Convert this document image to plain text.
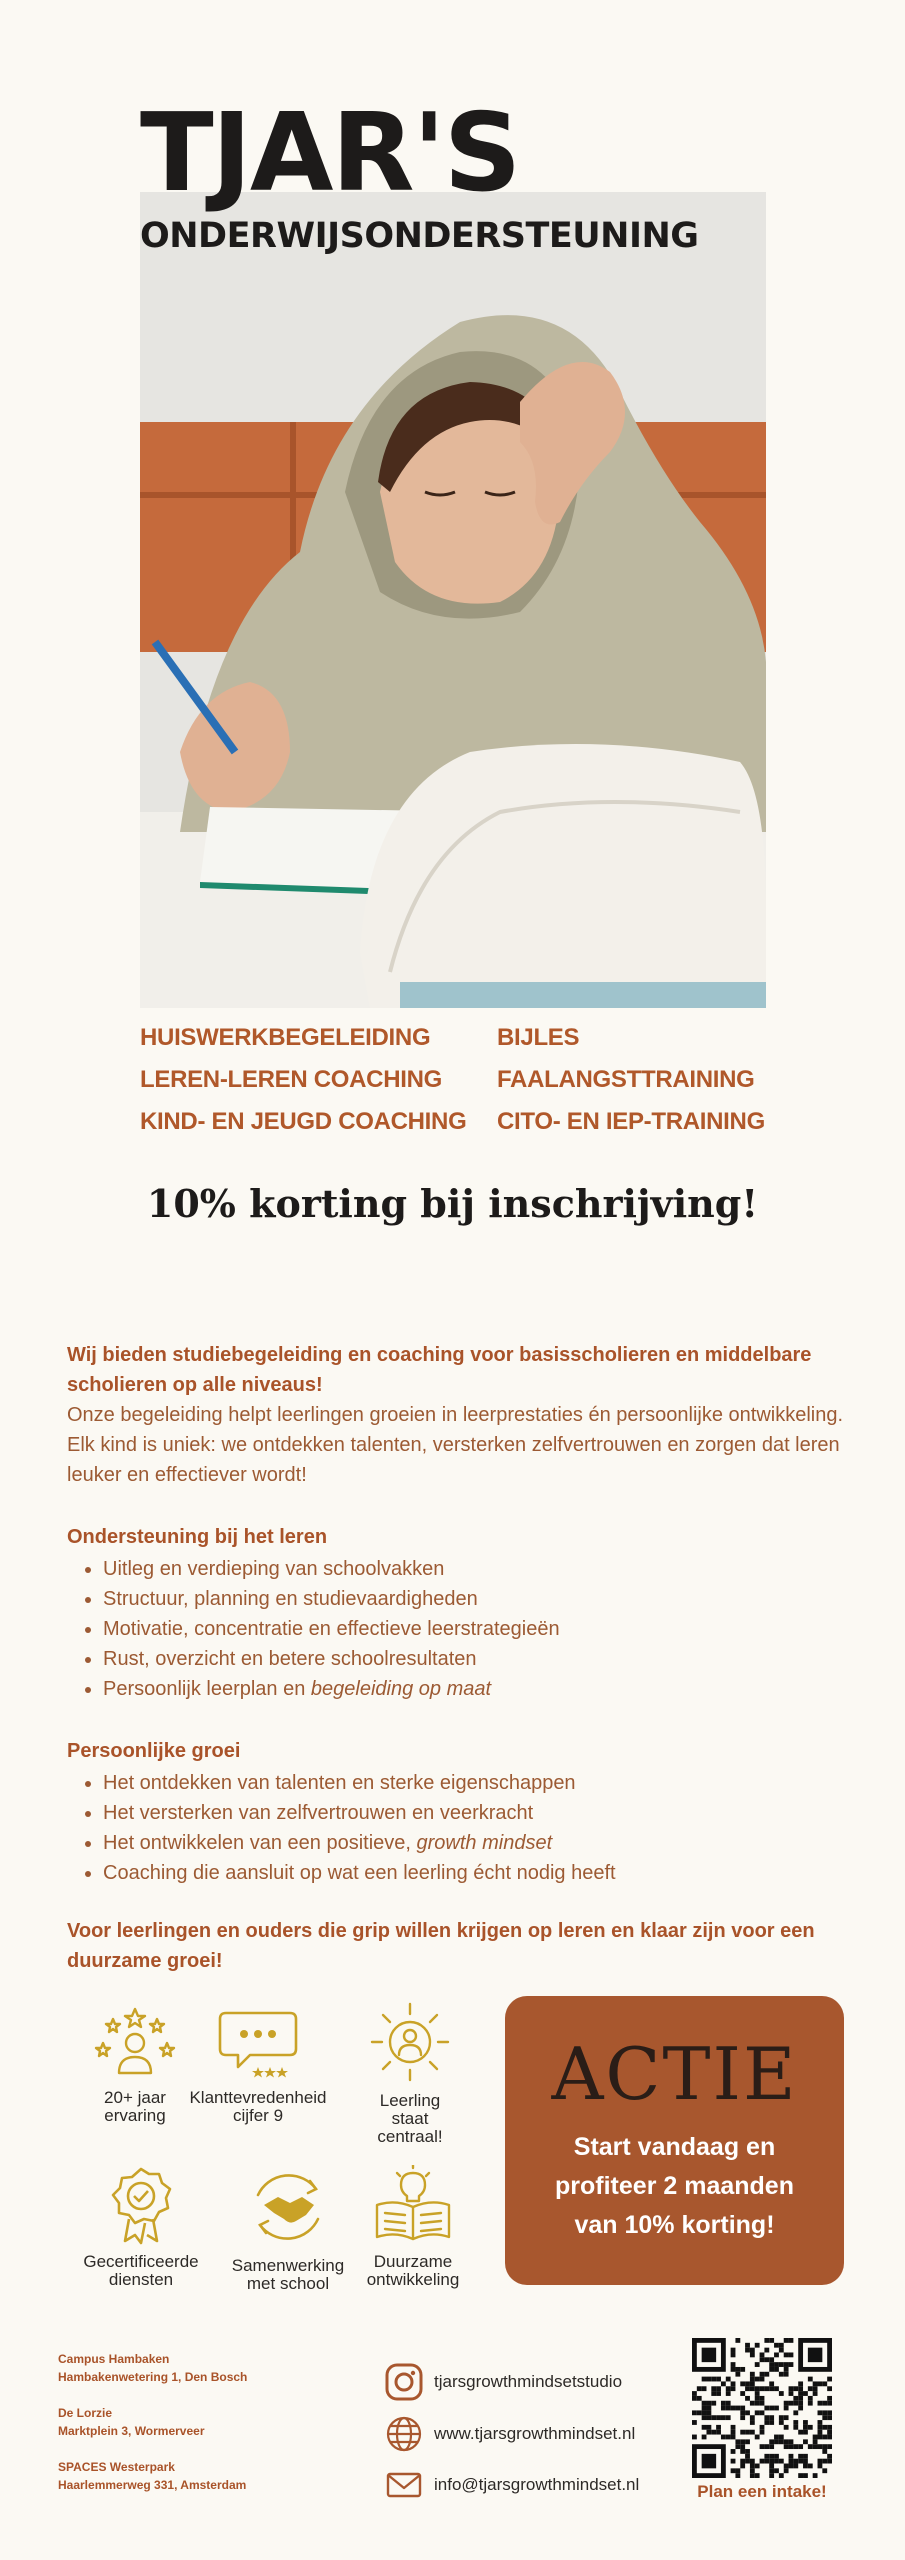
TJAR'S
ONDERWIJSONDERSTEUNING
HUISWERKBEGELEIDING
LEREN-LEREN COACHING
KIND- EN JEUGD COACHING
BIJLES
FAALANGSTTRAINING
CITO- EN IEP-TRAINING
10% korting bij inschrijving!

Wij bieden studiebegeleiding en coaching voor basisscholieren en middelbare scholieren op alle niveaus!

Onze begeleiding helpt leerlingen groeien in leerprestaties én persoonlijke ontwikkeling. Elk kind is uniek: we ontdekken talenten, versterken zelfvertrouwen en zorgen dat leren leuker en effectiever wordt!

Ondersteuning bij het leren

• Uitleg en verdieping van schoolvakken
• Structuur, planning en studievaardigheden
• Motivatie, concentratie en effectieve leerstrategieën
• Rust, overzicht en betere schoolresultaten
• Persoonlijk leerplan en begeleiding op maat

Persoonlijke groei

• Het ontdekken van talenten en sterke eigenschappen
• Het versterken van zelfvertrouwen en veerkracht
• Het ontwikkelen van een positieve, growth mindset
• Coaching die aansluit op wat een leerling écht nodig heeft

Voor leerlingen en ouders die grip willen krijgen op leren en klaar zijn voor een duurzame groei!

20+ jaar
ervaring
Klanttevredenheid
cijfer 9
Leerling
staat
centraal!
Gecertificeerde
diensten
Samenwerking
met school
Duurzame
ontwikkeling

ACTIE

Start vandaag en
profiteer 2 maanden
van 10% korting!

Campus Hambaken
Hambakenwetering 1, Den Bosch
De Lorzie
Marktplein 3, Wormerveer
SPACES Westerpark
Haarlemmerweg 331, Amsterdam
tjarsgrowthmindsetstudio
www.tjarsgrowthmindset.nl
info@tjarsgrowthmindset.nl	Plan een intake!
